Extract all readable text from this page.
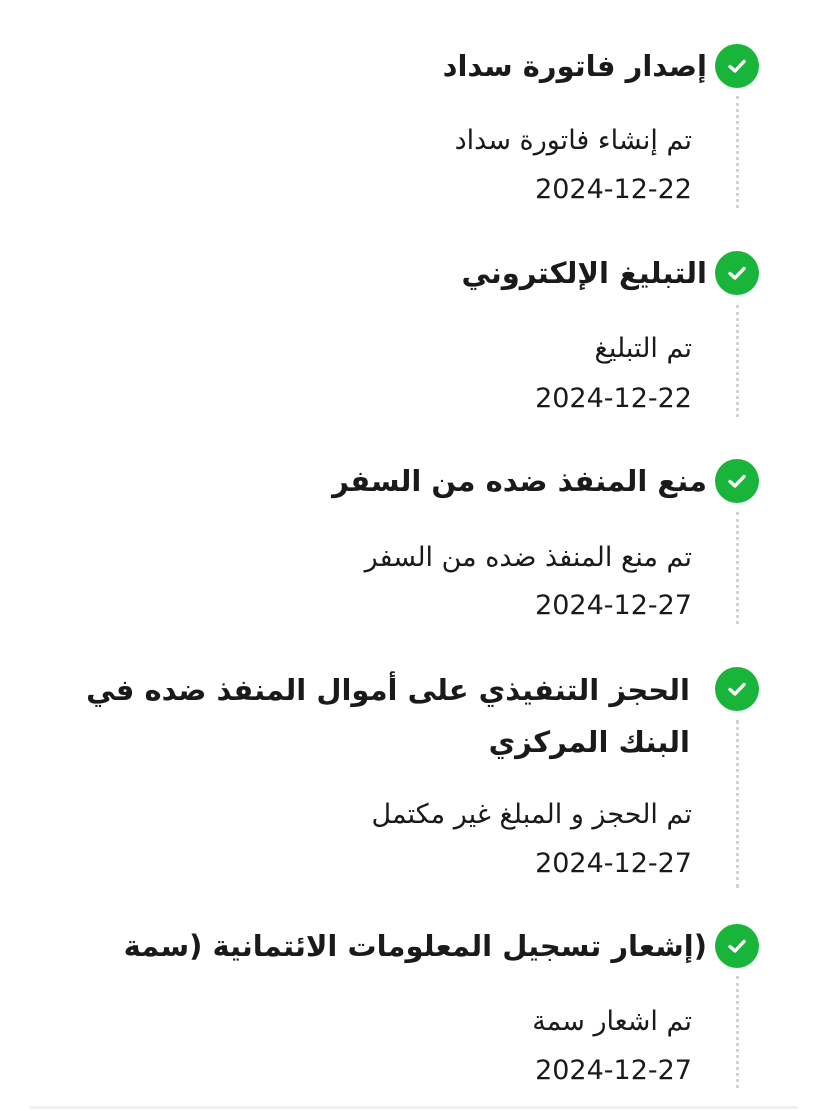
إصدار فاتورة سداد
تم إنشاء فاتورة سداد
2024-12-22
التبليغ الإلكتروني
تم التبليغ
2024-12-22
منع المنفذ ضده من السفر
تم منع المنفذ ضده من السفر
2024-12-27
الحجز التنفيذي على أموال المنفذ ضده في البنك المركزي
تم الحجز و المبلغ غير مكتمل
2024-12-27
(إشعار تسجيل المعلومات الائتمانية (سمة
تم اشعار سمة
2024-12-27
